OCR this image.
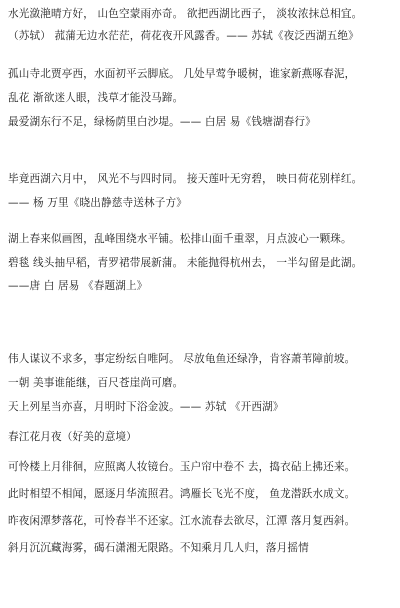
水光潋滟晴方好， 山色空蒙雨亦奇。 欲把西湖比西子， 淡妆浓抹总相宜。
（苏轼） 菰蒲无边水茫茫，荷花夜开风露香。—— 苏轼《夜泛西湖五绝》
孤山寺北贾亭西，水面初平云脚底。 几处早莺争暖树，谁家新燕啄春泥，
乱花 渐欲迷人眼，浅草才能没马蹄。
最爱湖东行不足，绿杨荫里白沙堤。—— 白居 易《钱塘湖春行》
毕竟西湖六月中， 风光不与四时同。 接天莲叶无穷碧， 映日荷花别样红。
—— 杨 万里《晓出静慈寺送林子方》
湖上春来似画图，乱峰围绕水平铺。松排山面千重翠，月点波心一颗珠。
碧毯 线头抽早稻，青罗裙带展新蒲。 未能抛得杭州去， 一半勾留是此湖。
——唐 白 居易 《春题湖上》
伟人谋议不求多，事定纷纭自唯阿。 尽放龟鱼还绿净，肯容萧苇障前坡。
一朝 美事谁能继，百尺苍崖尚可磨。
天上列星当亦喜，月明时下浴金波。—— 苏轼 《开西湖》
春江花月夜（好美的意境）
可怜楼上月徘徊，应照离人妆镜台。玉户帘中卷不 去，捣衣砧上拂还来。
此时相望不相闻，愿逐月华流照君。鸿雁长飞光不度， 鱼龙潜跃水成文。
昨夜闲潭梦落花，可怜春半不还家。江水流春去欲尽，江潭 落月复西斜。
斜月沉沉藏海雾，碣石潇湘无限路。不知乘月几人归，落月摇情
